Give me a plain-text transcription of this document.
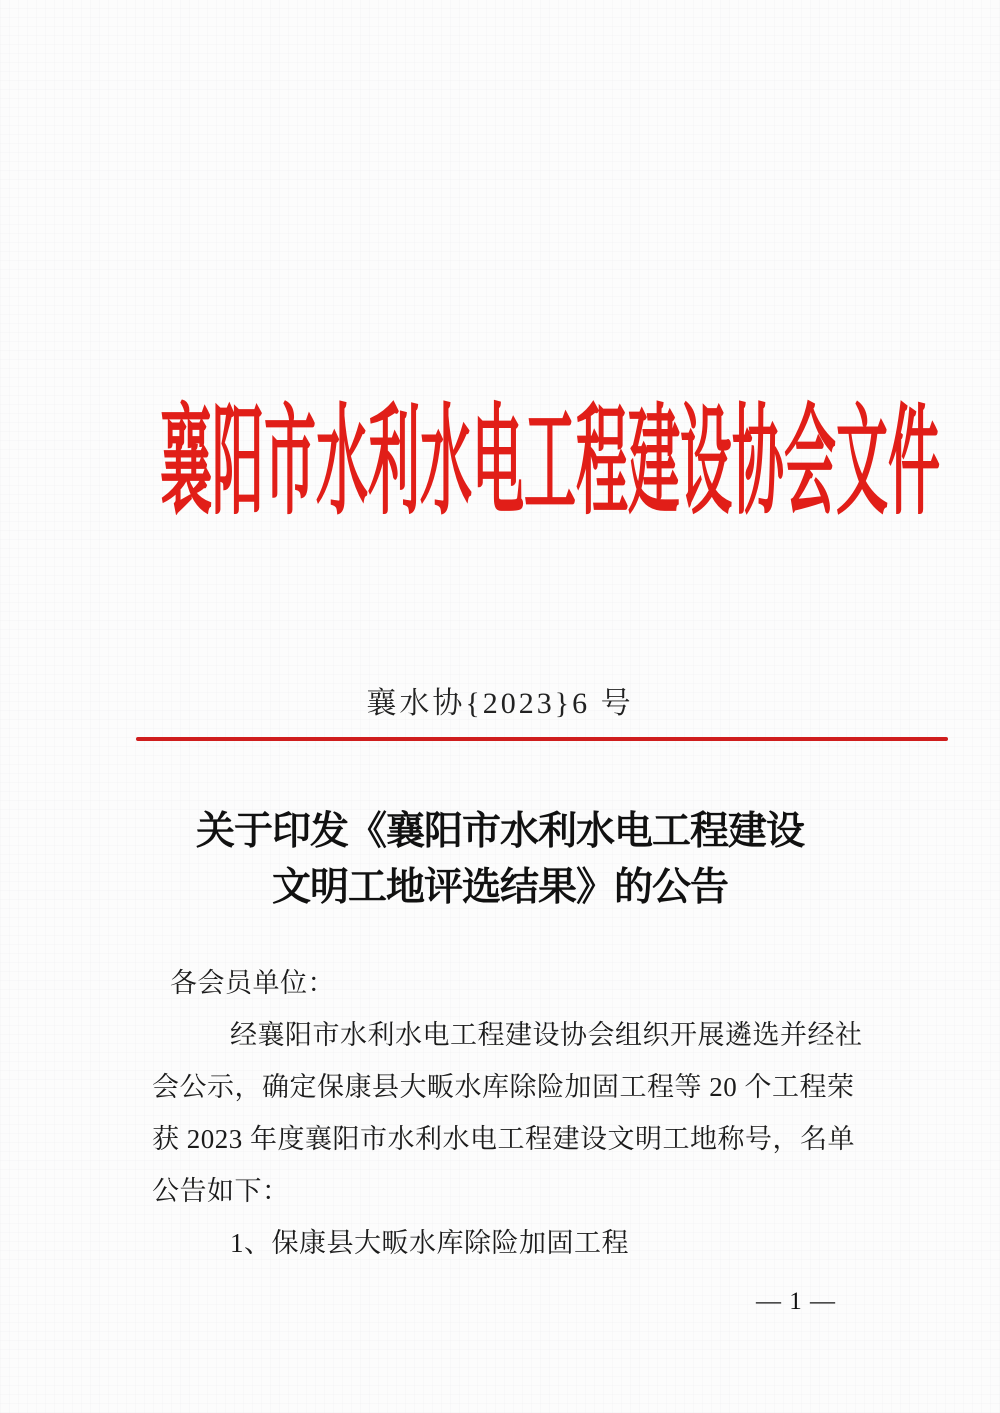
襄阳市水利水电工程建设协会文件
襄水协{2023}6 号
关于印发《襄阳市水利水电工程建设
文明工地评选结果》的公告
各会员单位：
经襄阳市水利水电工程建设协会组织开展遴选并经社
会公示，确定保康县大畈水库除险加固工程等 20 个工程荣
获 2023 年度襄阳市水利水电工程建设文明工地称号，名单
公告如下：
1、保康县大畈水库除险加固工程
— 1 —
